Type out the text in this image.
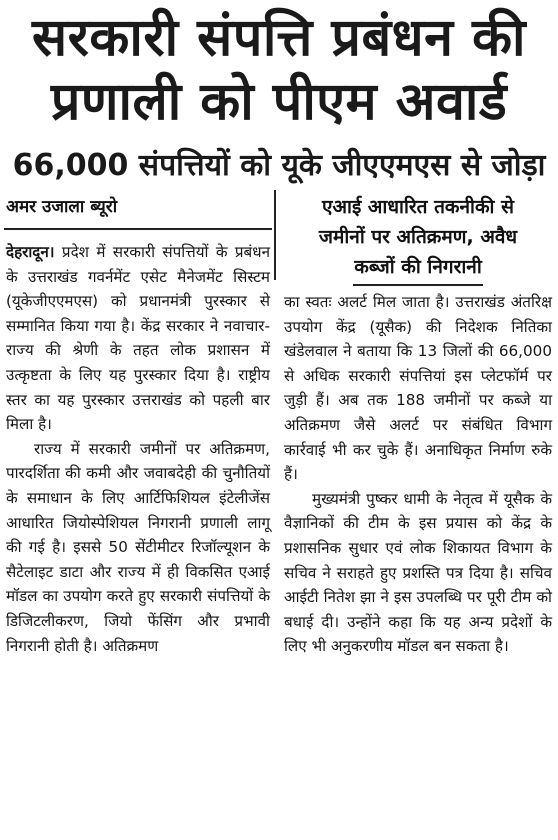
सरकारी संपत्ति प्रबंधन की
प्रणाली को पीएम अवार्ड
66,000 संपत्तियों को यूके जीएएमएस से जोड़ा
अमर उजाला ब्यूरो	एआई आधारित तकनीकी से
जमीनों पर अतिक्रमण, अवैध
कब्जों की निगरानी

देहरादून। प्रदेश में सरकारी संपत्तियों के प्रबंधन के उत्तराखंड गवर्नमेंट एसेट मैनेजमेंट सिस्टम (यूकेजीएएमएस) को प्रधानमंत्री पुरस्कार से सम्मानित किया गया है। केंद्र सरकार ने नवाचार-राज्य की श्रेणी के तहत लोक प्रशासन में उत्कृष्टता के लिए यह पुरस्कार दिया है। राष्ट्रीय स्तर का यह पुरस्कार उत्तराखंड को पहली बार मिला है।

राज्य में सरकारी जमीनों पर अतिक्रमण, पारदर्शिता की कमी और जवाबदेही की चुनौतियों के समाधान के लिए आर्टिफिशियल इंटेलीजेंस आधारित जियोस्पेशियल निगरानी प्रणाली लागू की गई है। इससे 50 सेंटीमीटर रिजॉल्यूशन के सैटेलाइट डाटा और राज्य में ही विकसित एआई मॉडल का उपयोग करते हुए सरकारी संपत्तियों के डिजिटलीकरण, जियो फेंसिंग और प्रभावी निगरानी होती है। अतिक्रमण

का स्वतः अलर्ट मिल जाता है। उत्तराखंड अंतरिक्ष उपयोग केंद्र (यूसैक) की निदेशक नितिका खंडेलवाल ने बताया कि 13 जिलों की 66,000 से अधिक सरकारी संपत्तियां इस प्लेटफॉर्म पर जुड़ी हैं। अब तक 188 जमीनों पर कब्जे या अतिक्रमण जैसे अलर्ट पर संबंधित विभाग कार्रवाई भी कर चुके हैं। अनाधिकृत निर्माण रुके हैं।

मुख्यमंत्री पुष्कर धामी के नेतृत्व में यूसैक के वैज्ञानिकों की टीम के इस प्रयास को केंद्र के प्रशासनिक सुधार एवं लोक शिकायत विभाग के सचिव ने सराहते हुए प्रशस्ति पत्र दिया है। सचिव आईटी नितेश झा ने इस उपलब्धि पर पूरी टीम को बधाई दी। उन्होंने कहा कि यह अन्य प्रदेशों के लिए भी अनुकरणीय मॉडल बन सकता है।
